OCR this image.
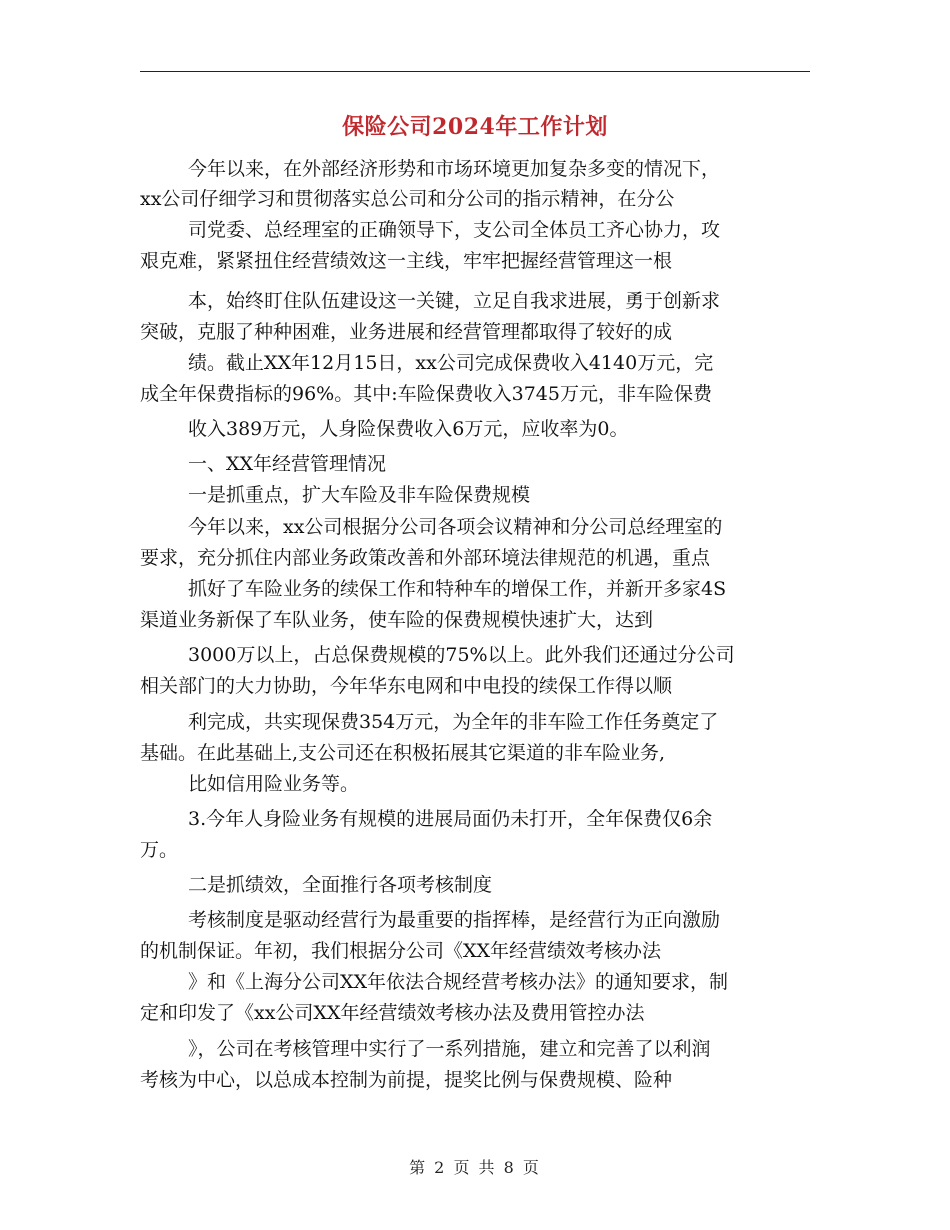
保险公司2024年工作计划
今年以来，在外部经济形势和市场环境更加复杂多变的情况下，
xx公司仔细学习和贯彻落实总公司和分公司的指示精神，在分公
司党委、总经理室的正确领导下，支公司全体员工齐心协力，攻
艰克难，紧紧扭住经营绩效这一主线，牢牢把握经营管理这一根
本，始终盯住队伍建设这一关键，立足自我求进展，勇于创新求
突破，克服了种种困难，业务进展和经营管理都取得了较好的成
绩。截止XX年12月15日，xx公司完成保费收入4140万元，完
成全年保费指标的96%。其中:车险保费收入3745万元，非车险保费
收入389万元，人身险保费收入6万元，应收率为0。
一、XX年经营管理情况
一是抓重点，扩大车险及非车险保费规模
今年以来，xx公司根据分公司各项会议精神和分公司总经理室的
要求，充分抓住内部业务政策改善和外部环境法律规范的机遇，重点
抓好了车险业务的续保工作和特种车的增保工作，并新开多家4S
渠道业务新保了车队业务，使车险的保费规模快速扩大，达到
3000万以上，占总保费规模的75%以上。此外我们还通过分公司
相关部门的大力协助，今年华东电网和中电投的续保工作得以顺
利完成，共实现保费354万元，为全年的非车险工作任务奠定了
基础。在此基础上,支公司还在积极拓展其它渠道的非车险业务,
比如信用险业务等。
3.今年人身险业务有规模的进展局面仍未打开，全年保费仅6余
万。
二是抓绩效，全面推行各项考核制度
考核制度是驱动经营行为最重要的指挥棒，是经营行为正向激励
的机制保证。年初，我们根据分公司《XX年经营绩效考核办法
》和《上海分公司XX年依法合规经营考核办法》的通知要求，制
定和印发了《xx公司XX年经营绩效考核办法及费用管控办法
》，公司在考核管理中实行了一系列措施，建立和完善了以利润
考核为中心，以总成本控制为前提，提奖比例与保费规模、险种
第 2 页 共 8 页
